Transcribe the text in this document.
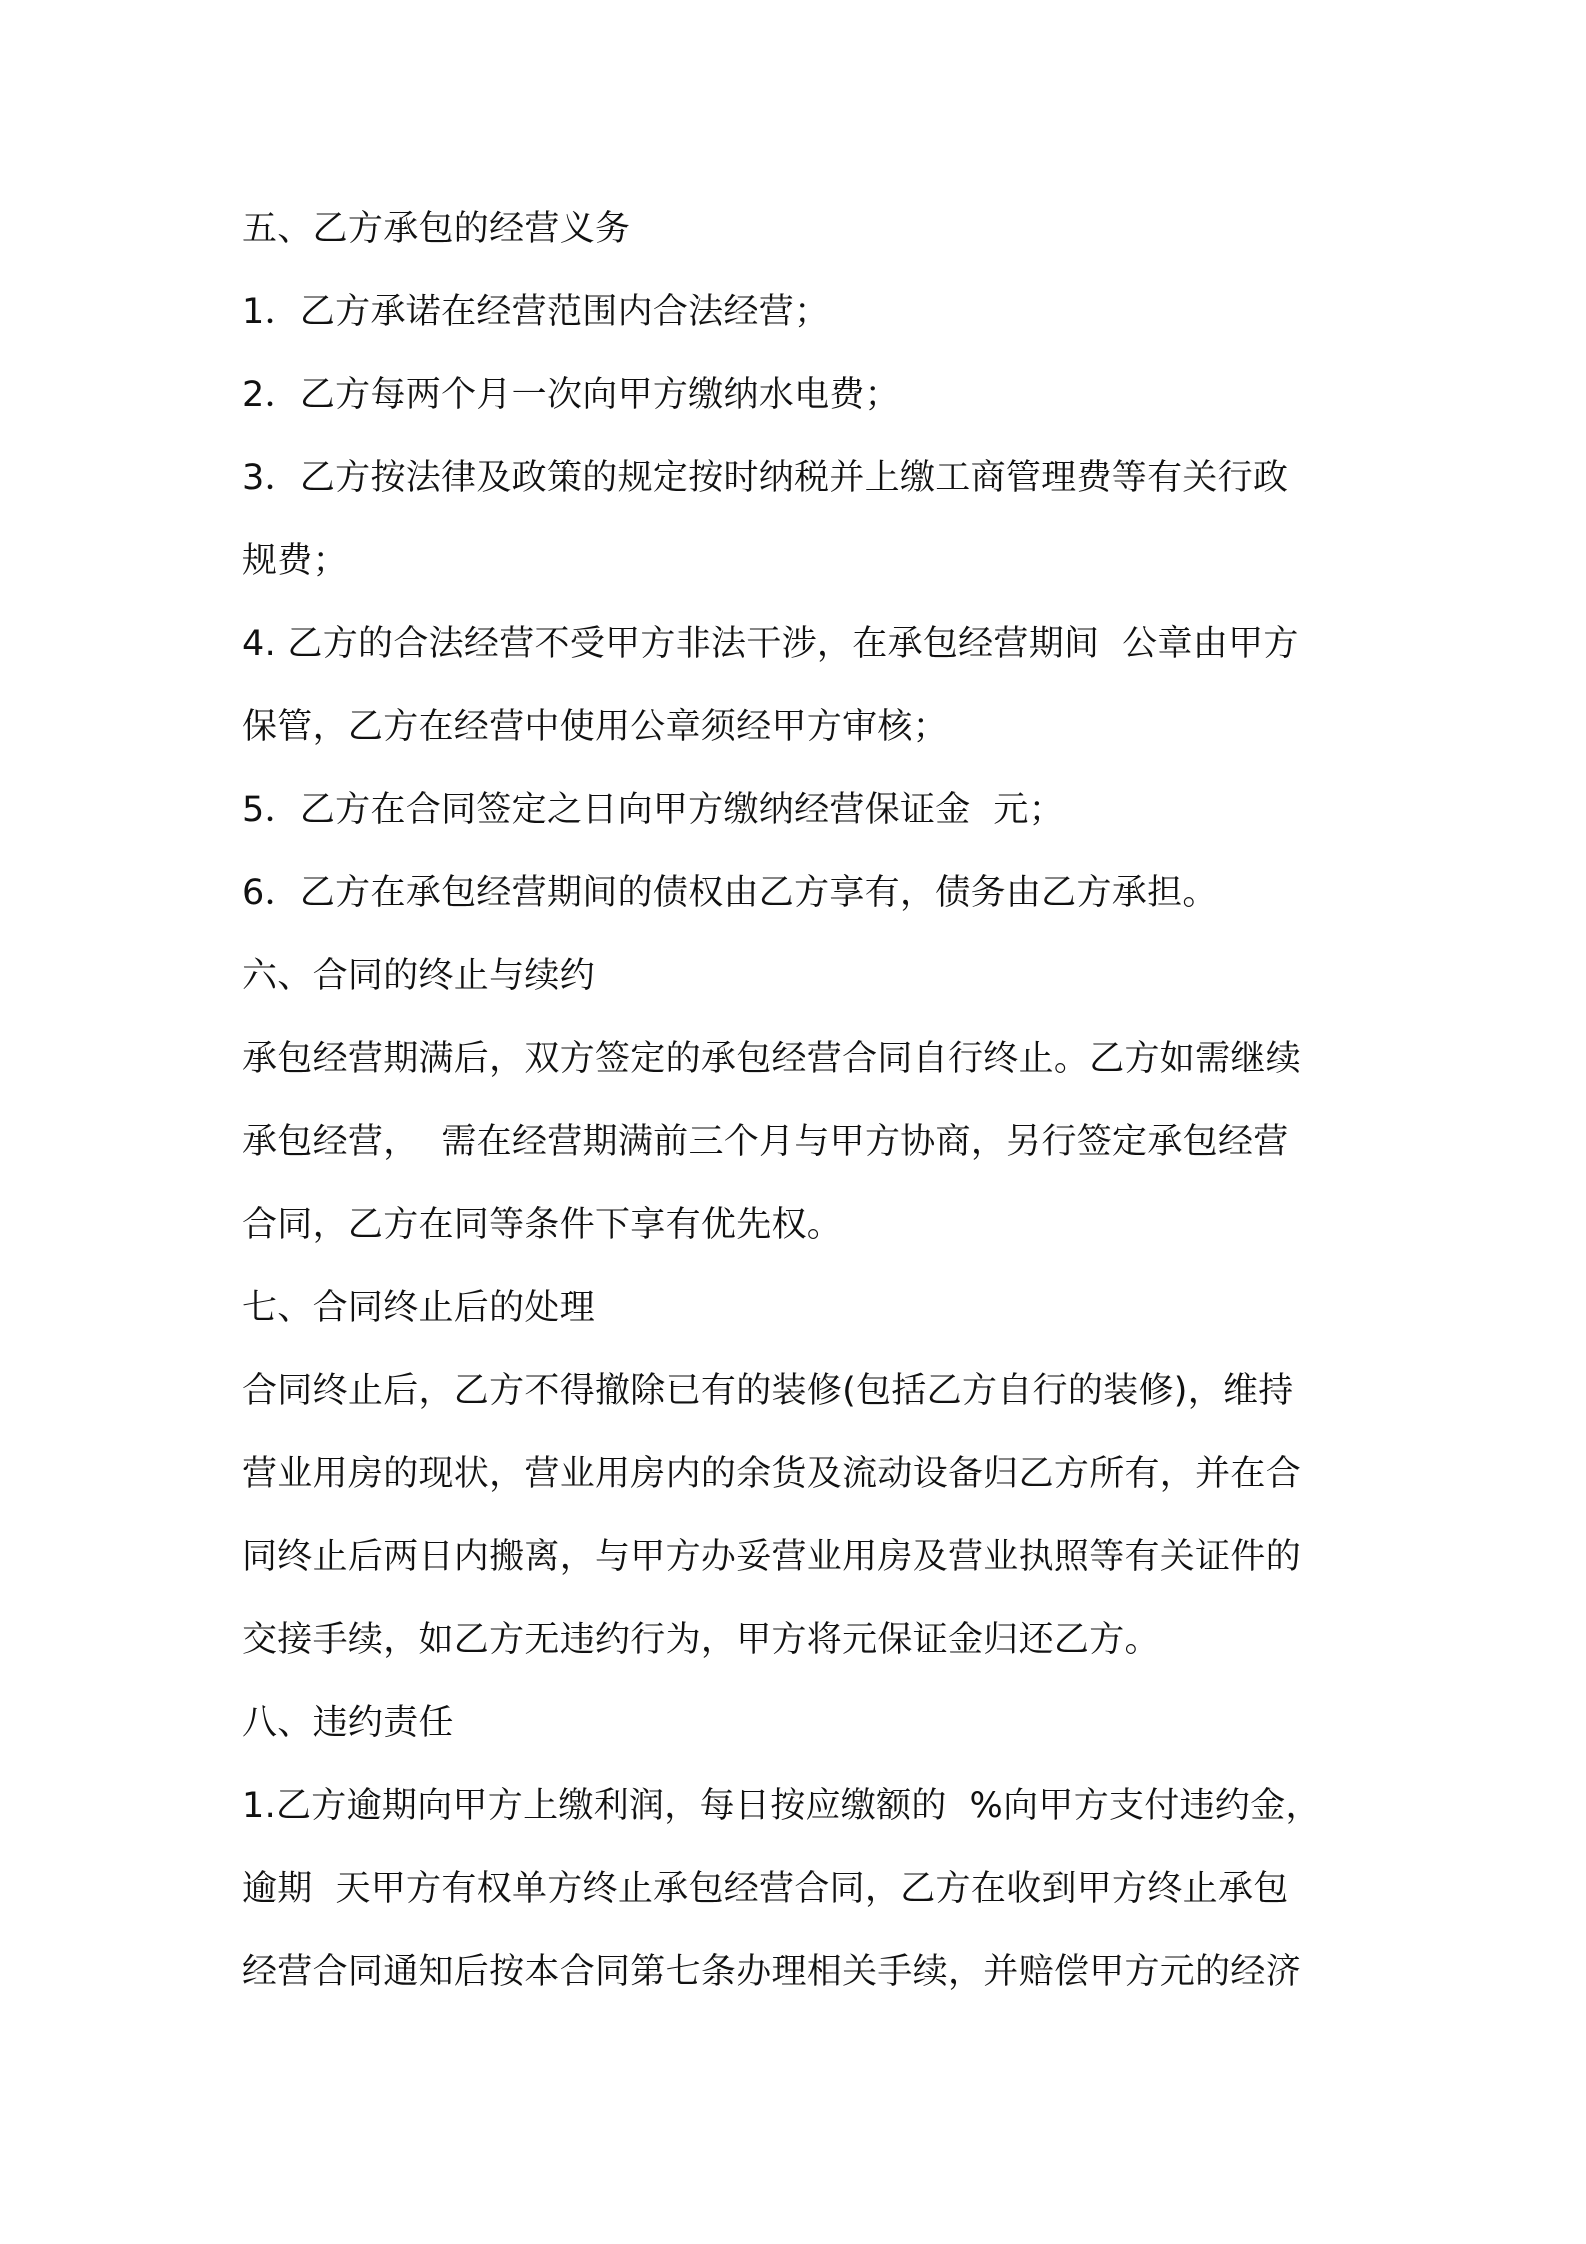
五、乙方承包的经营义务
1．乙方承诺在经营范围内合法经营；
2．乙方每两个月一次向甲方缴纳水电费；
3．乙方按法律及政策的规定按时纳税并上缴工商管理费等有关行政
规费；
4. 乙方的合法经营不受甲方非法干涉，在承包经营期间  公章由甲方
保管，乙方在经营中使用公章须经甲方审核；
5．乙方在合同签定之日向甲方缴纳经营保证金  元；
6．乙方在承包经营期间的债权由乙方享有，债务由乙方承担。
六、合同的终止与续约
承包经营期满后，双方签定的承包经营合同自行终止。乙方如需继续
承包经营，  需在经营期满前三个月与甲方协商，另行签定承包经营
合同，乙方在同等条件下享有优先权。
七、合同终止后的处理
合同终止后，乙方不得撤除已有的装修(包括乙方自行的装修)，维持
营业用房的现状，营业用房内的余货及流动设备归乙方所有，并在合
同终止后两日内搬离，与甲方办妥营业用房及营业执照等有关证件的
交接手续，如乙方无违约行为，甲方将元保证金归还乙方。
八、违约责任
1.乙方逾期向甲方上缴利润，每日按应缴额的  %向甲方支付违约金，
逾期  天甲方有权单方终止承包经营合同，乙方在收到甲方终止承包
经营合同通知后按本合同第七条办理相关手续，并赔偿甲方元的经济
